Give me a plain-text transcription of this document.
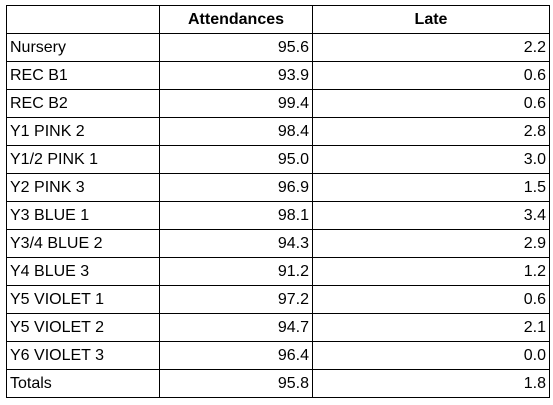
	Attendances	Late
Nursery	95.6	2.2
REC B1	93.9	0.6
REC B2	99.4	0.6
Y1 PINK 2	98.4	2.8
Y1/2 PINK 1	95.0	3.0
Y2 PINK 3	96.9	1.5
Y3 BLUE 1	98.1	3.4
Y3/4 BLUE 2	94.3	2.9
Y4 BLUE 3	91.2	1.2
Y5 VIOLET 1	97.2	0.6
Y5 VIOLET 2	94.7	2.1
Y6 VIOLET 3	96.4	0.0
Totals	95.8	1.8
